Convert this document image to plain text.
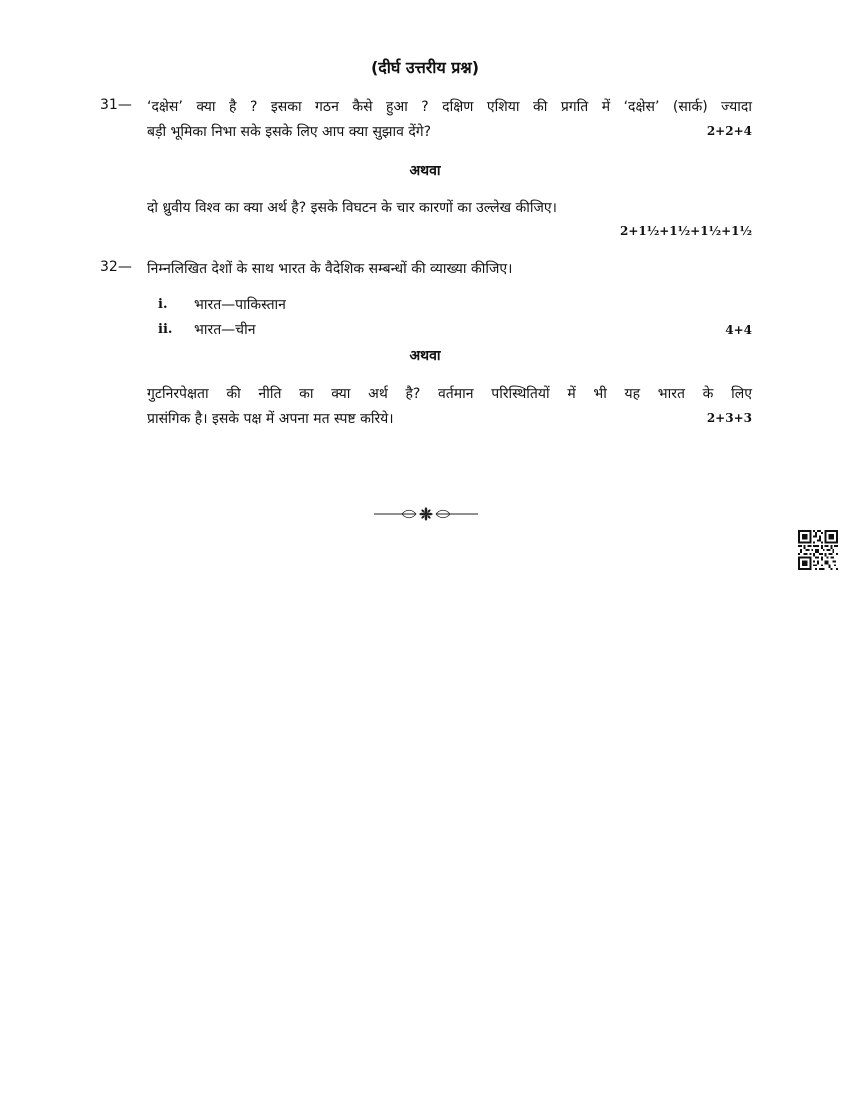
(दीर्घ उत्तरीय प्रश्न)
31— ‘दक्षेस’ क्या है ? इसका गठन कैसे हुआ ? दक्षिण एशिया की प्रगति में ‘दक्षेस’ (सार्क) ज्यादा
बड़ी भूमिका निभा सके इसके लिए आप क्या सुझाव देंगे?	2+2+4
अथवा
दो ध्रुवीय विश्व का क्या अर्थ है? इसके विघटन के चार कारणों का उल्लेख कीजिए।
2+1½+1½+1½+1½
32— निम्नलिखित देशों के साथ भारत के वैदेशिक सम्बन्धों की व्याख्या कीजिए।
i.	भारत—पाकिस्तान
ii.	भारत—चीन	4+4
अथवा
गुटनिरपेक्षता की नीति का क्या अर्थ है? वर्तमान परिस्थितियों में भी यह भारत के लिए
प्रासंगिक है। इसके पक्ष में अपना मत स्पष्ट करिये।	2+3+3
